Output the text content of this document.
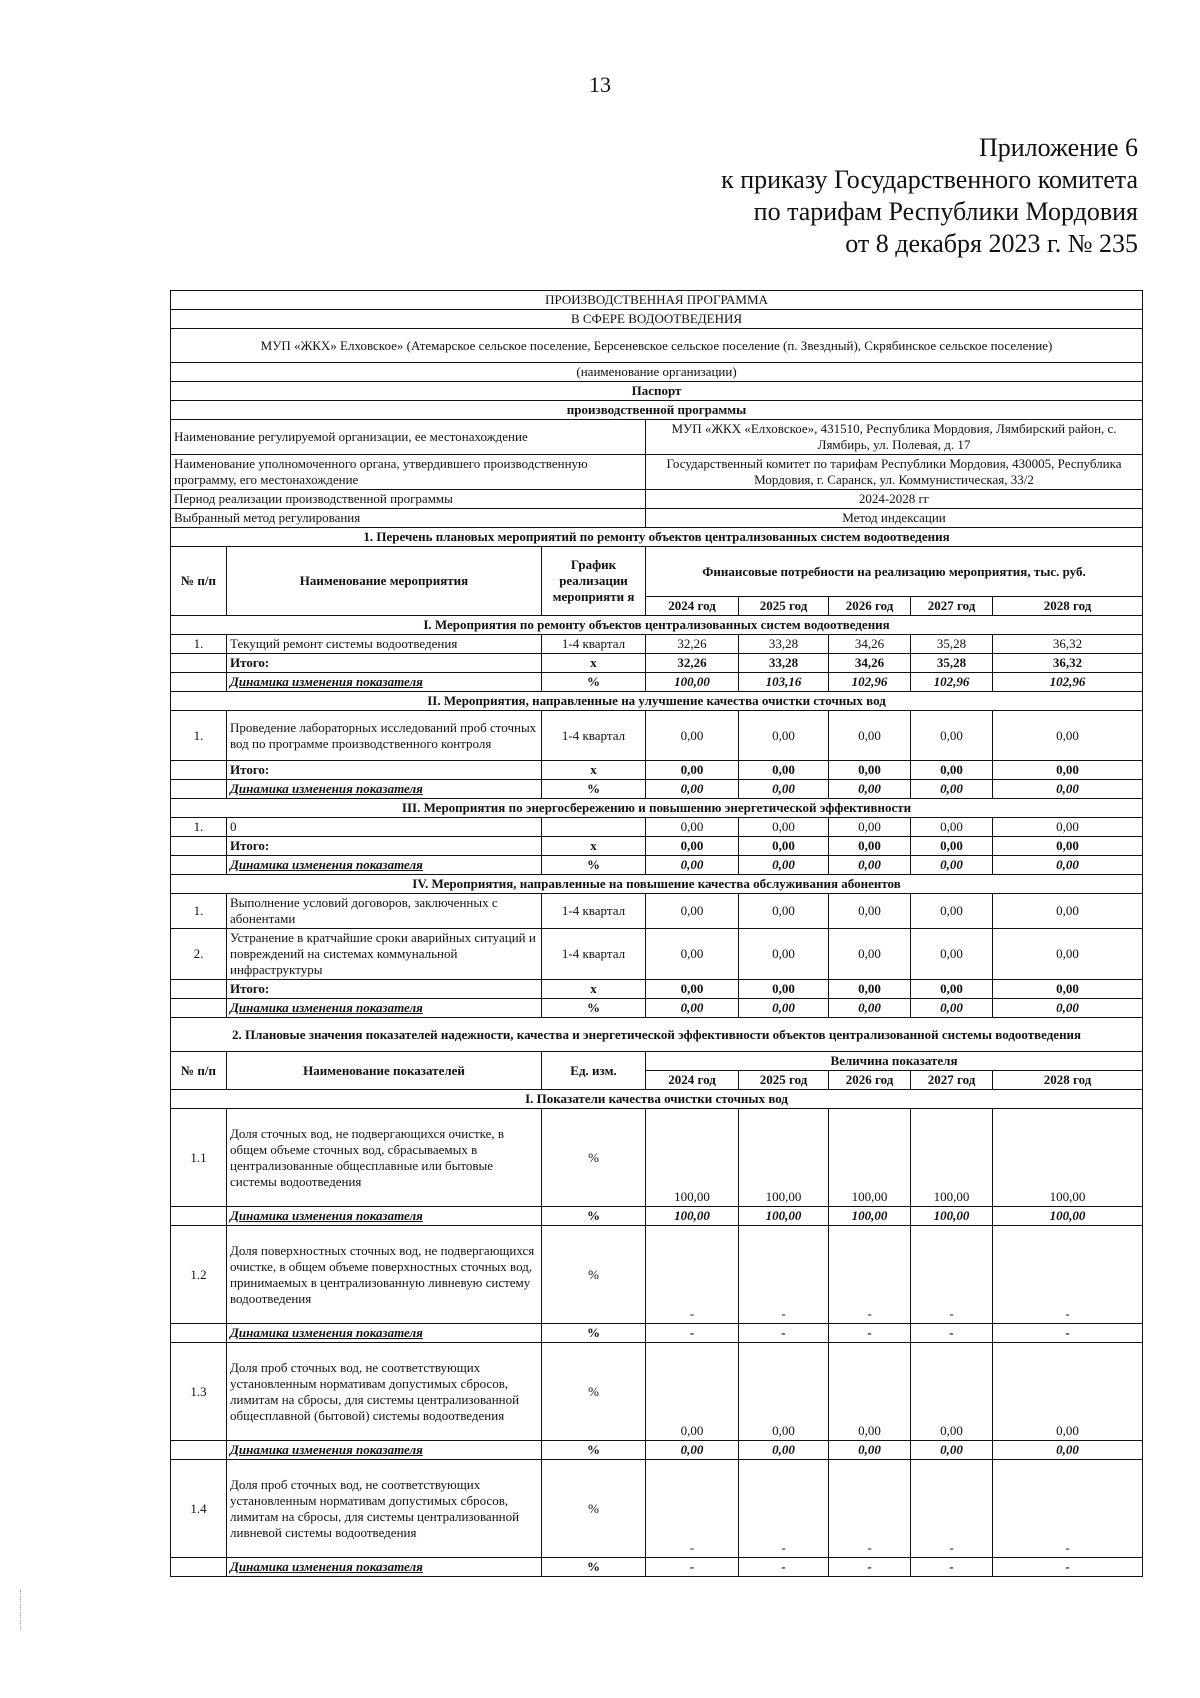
13
Приложение 6
к приказу Государственного комитета
по тарифам Республики Мордовия
от 8 декабря 2023 г. № 235
ПРОИЗВОДСТВЕННАЯ ПРОГРАММА							
В СФЕРЕ ВОДООТВЕДЕНИЯ							
МУП «ЖКХ» Елховское» (Атемарское сельское поселение, Берсеневское сельское поселение (п. Звездный), Скрябинское сельское поселение)							
(наименование организации)							
Паспорт							
производственной программы							
Наименование регулируемой организации, ее местонахождение			МУП «ЖКХ «Елховское», 431510, Республика Мордовия, Лямбирский район, с. Лямбирь, ул. Полевая, д. 17				
Наименование уполномоченного органа, утвердившего производственную программу, его местонахождение			Государственный комитет по тарифам Республики Мордовия, 430005, Республика Мордовия, г. Саранск, ул. Коммунистическая, 33/2				
Период реализации производственной программы			2024-2028 гг				
Выбранный метод регулирования			Метод индексации				
1. Перечень плановых мероприятий по ремонту объектов централизованных систем водоотведения							
№ п/п	Наименование мероприятия	График реализации мероприяти я	Финансовые потребности на реализацию мероприятия, тыс. руб.				
			2024 год	2025 год	2026 год	2027 год	2028 год
I. Мероприятия по ремонту объектов централизованных систем водоотведения							
1.	Текущий ремонт системы водоотведения	1-4 квартал	32,26	33,28	34,26	35,28	36,32
	Итого:	х	32,26	33,28	34,26	35,28	36,32
	Динамика изменения показателя	%	100,00	103,16	102,96	102,96	102,96
II. Мероприятия, направленные на улучшение качества очистки сточных вод							
1.	Проведение лабораторных исследований проб сточных вод по программе производственного контроля	1-4 квартал	0,00	0,00	0,00	0,00	0,00
	Итого:	х	0,00	0,00	0,00	0,00	0,00
	Динамика изменения показателя	%	0,00	0,00	0,00	0,00	0,00
III. Мероприятия по энергосбережению и повышению энергетической эффективности							
1.	0		0,00	0,00	0,00	0,00	0,00
	Итого:	х	0,00	0,00	0,00	0,00	0,00
	Динамика изменения показателя	%	0,00	0,00	0,00	0,00	0,00
IV. Мероприятия, направленные на повышение качества обслуживания абонентов							
1.	Выполнение условий договоров, заключенных с абонентами	1-4 квартал	0,00	0,00	0,00	0,00	0,00
2.	Устранение в кратчайшие сроки аварийных ситуаций и повреждений на системах коммунальной инфраструктуры	1-4 квартал	0,00	0,00	0,00	0,00	0,00
	Итого:	х	0,00	0,00	0,00	0,00	0,00
	Динамика изменения показателя	%	0,00	0,00	0,00	0,00	0,00
2. Плановые значения показателей надежности, качества и энергетической эффективности объектов централизованной системы водоотведения							
№ п/п	Наименование показателей	Ед. изм.	Величина показателя				
			2024 год	2025 год	2026 год	2027 год	2028 год
I. Показатели качества очистки сточных вод							
1.1	Доля сточных вод, не подвергающихся очистке, в общем объеме сточных вод, сбрасываемых в централизованные общесплавные или бытовые системы водоотведения	%	100,00	100,00	100,00	100,00	100,00
	Динамика изменения показателя	%	100,00	100,00	100,00	100,00	100,00
1.2	Доля поверхностных сточных вод, не подвергающихся очистке, в общем объеме поверхностных сточных вод, принимаемых в централизованную ливневую систему водоотведения	%	-	-	-	-	-
	Динамика изменения показателя	%	-	-	-	-	-
1.3	Доля проб сточных вод, не соответствующих установленным нормативам допустимых сбросов, лимитам на сбросы, для системы централизованной общесплавной (бытовой) системы водоотведения	%	0,00	0,00	0,00	0,00	0,00
	Динамика изменения показателя	%	0,00	0,00	0,00	0,00	0,00
1.4	Доля проб сточных вод, не соответствующих установленным нормативам допустимых сбросов, лимитам на сбросы, для системы централизованной ливневой системы водоотведения	%	-	-	-	-	-
	Динамика изменения показателя	%	-	-	-	-	-
